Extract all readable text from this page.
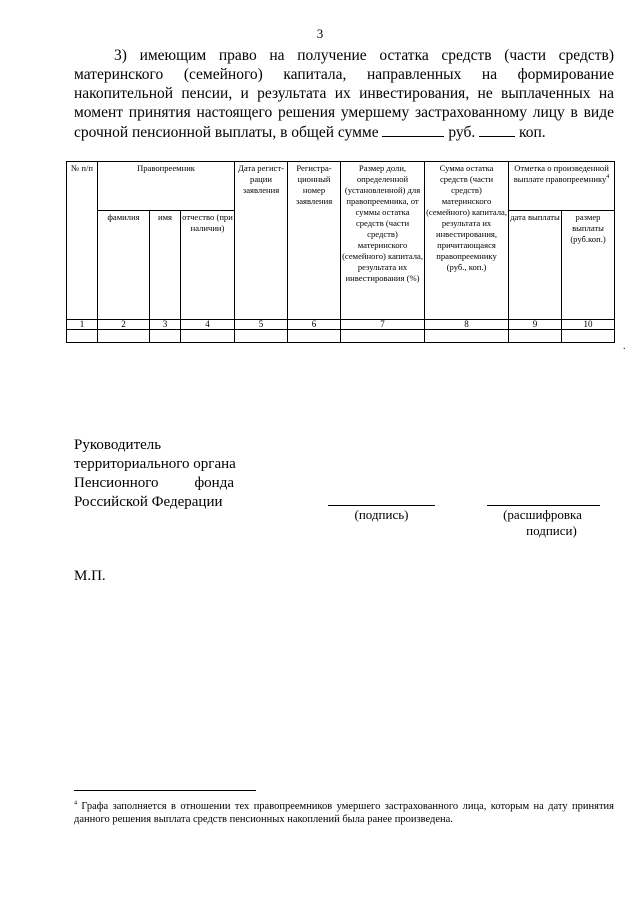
3
3) имеющим право на получение остатка средств (части средств)
материнского (семейного) капитала, направленных на формирование
накопительной пенсии, и результата их инвестирования, не выплаченных на
момент принятия настоящего решения умершему застрахованному лицу в виде
срочной пенсионной выплаты, в общей сумме	руб.	коп.
№ п/п	Правопреемник			Дата регист-рации заявления	Регистра-ционный номер заявления	Размер доли, определенной (установленной) для правопреемника, от суммы остатка средств (части средств) материнского (семейного) капитала, результата их инвестирования (%)	Сумма остатка средств (части средств) материнского (семейного) капитала, результата их инвестирования, причитающаяся правопреемнику (руб., коп.)	Отметка о произведенной выплате правопреемнику$^4$
	фамилия	имя	отчество (при наличии)					дата выплаты	размер выплаты (руб.коп.)
1	2	3	4	5	6	7	8	9	10

.
Руководитель
территориального органа
Пенсионного фонда
Российской Федерации
(подпись)	(расшифровка
подписи)
М.П.
$^4$ Графа заполняется в отношении тех правопреемников умершего застрахованного лица, которым на дату принятия данного решения выплата средств пенсионных накоплений была ранее произведена.
